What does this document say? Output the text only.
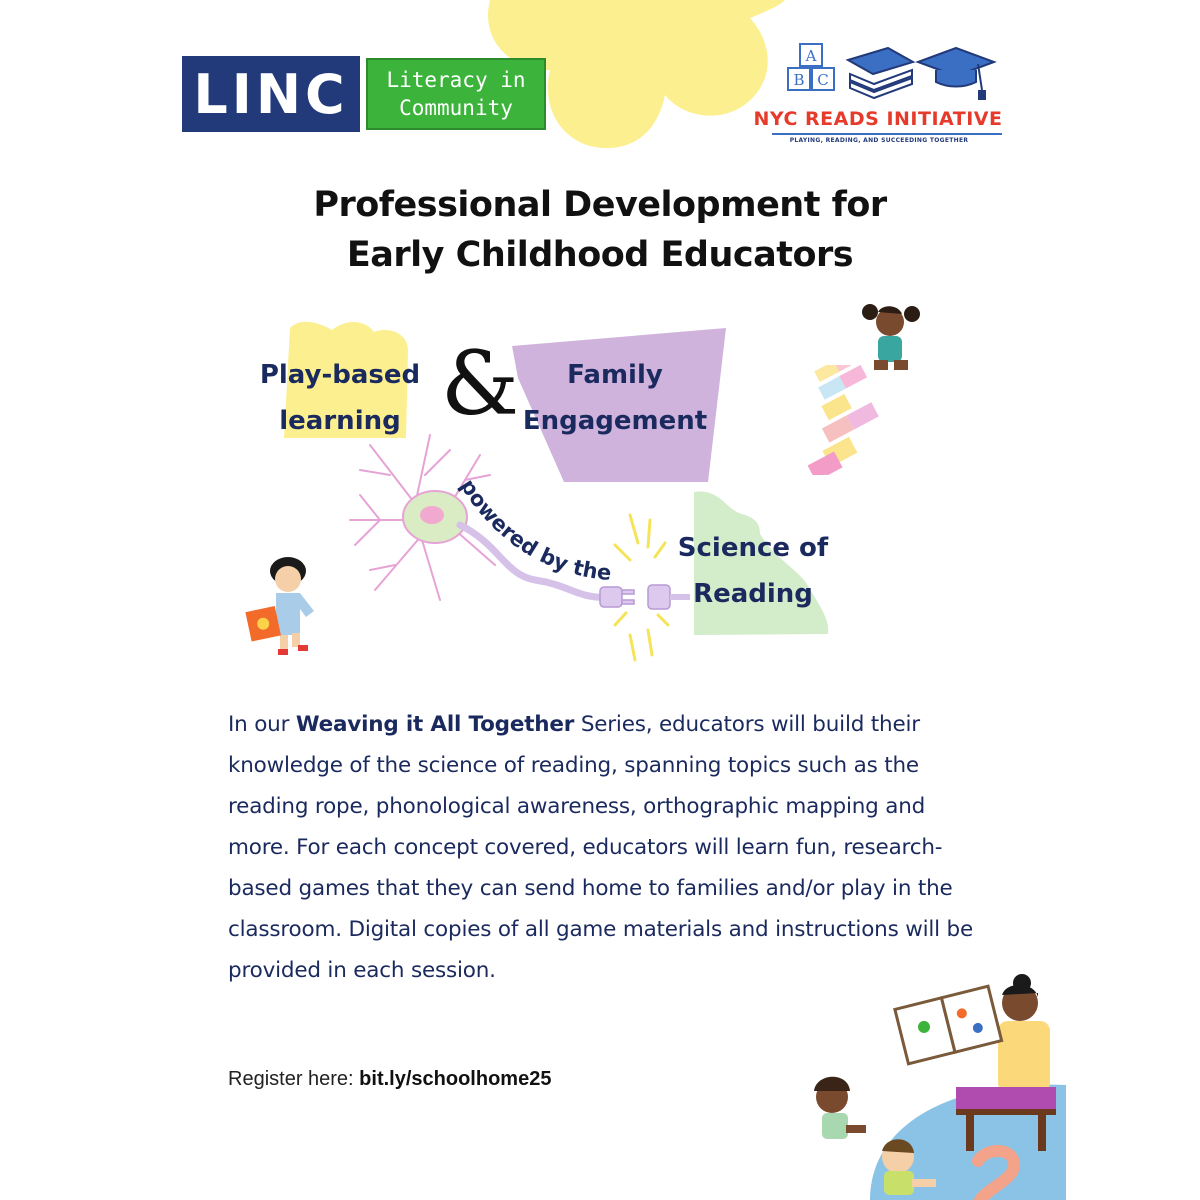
LINC Literacy in
Community
A
B C
NYC READS INITIATIVE
PLAYING, READING, AND SUCCEEDING TOGETHER
Professional Development for
Early Childhood Educators
Play-based
learning &	Family
Engagement
powered by the
Science of
Reading
In our Weaving it All Together Series, educators will build their knowledge of the science of reading, spanning topics such as the reading rope, phonological awareness, orthographic mapping and more. For each concept covered, educators will learn fun, research-based games that they can send home to families and/or play in the classroom. Digital copies of all game materials and instructions will be provided in each session.
Register here: bit.ly/schoolhome25
